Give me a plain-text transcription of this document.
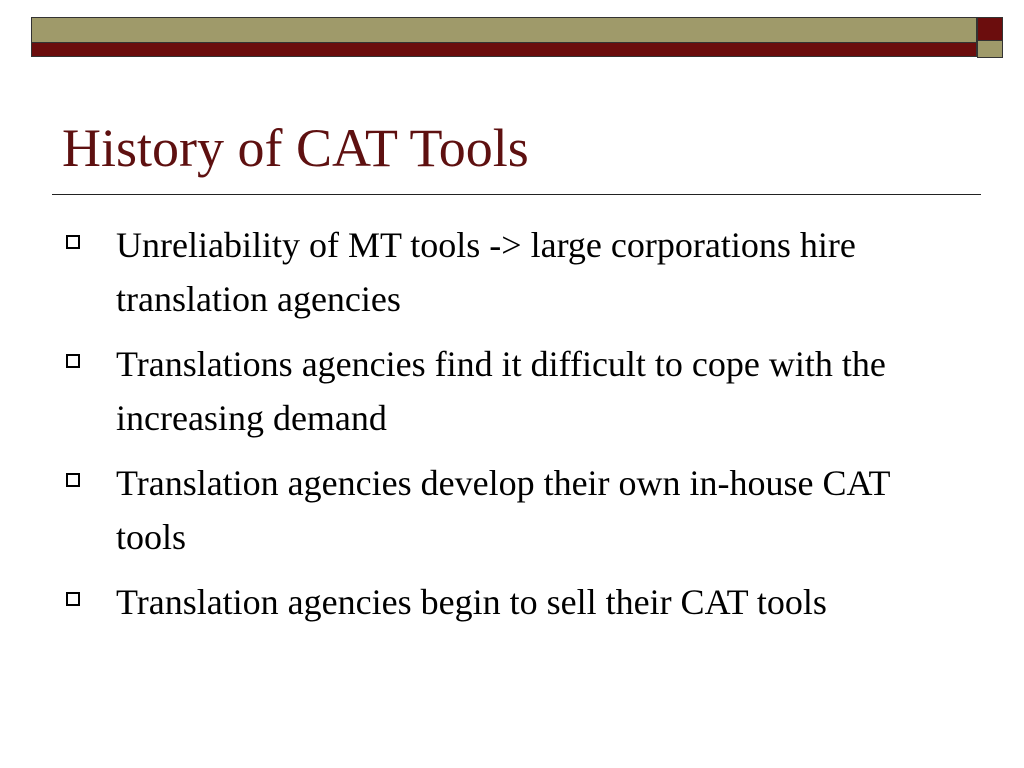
History of CAT Tools
Unreliability of MT tools -> large corporations hire translation agencies
Translations agencies find it difficult to cope with the increasing demand
Translation agencies develop their own in-house CAT tools
Translation agencies begin to sell their CAT tools
